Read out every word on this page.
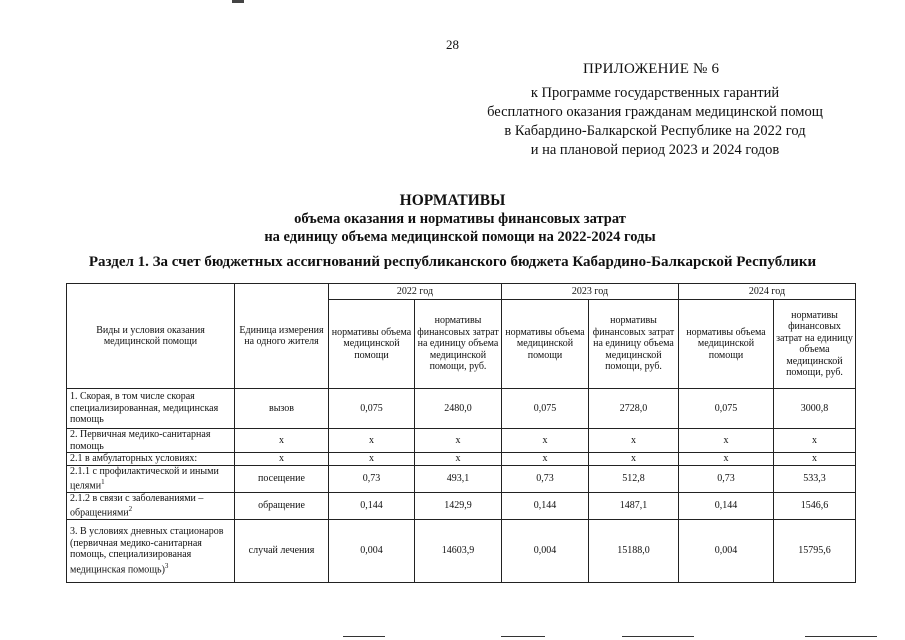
28
ПРИЛОЖЕНИЕ № 6
к Программе государственных гарантий
бесплатного оказания гражданам медицинской помощ
в Кабардино-Балкарской Республике на 2022 год
и на плановой период 2023 и 2024 годов
НОРМАТИВЫ
объема оказания и нормативы финансовых затрат
на единицу объема медицинской помощи на 2022-2024 годы
Раздел 1. За счет бюджетных ассигнований республиканского бюджета Кабардино-Балкарской Республики
Виды и условия оказания медицинской помощи	Единица измерения на одного жителя	2022 год		2023 год		2024 год	
		нормативы объема медицинской помощи	нормативы финансовых затрат на единицу объема медицинской помощи, руб.	нормативы объема медицинской помощи	нормативы финансовых затрат на единицу объема медицинской помощи, руб.	нормативы объема медицинской помощи	нормативы финансовых затрат на единицу объема медицинской помощи, руб.
1. Скорая, в том числе скорая специализированная, медицинская помощь	вызов	0,075	2480,0	0,075	2728,0	0,075	3000,8
2. Первичная медико-санитарная помощь	х	х	х	х	х	х	х
2.1 в амбулаторных условиях:	х	х	х	х	х	х	х
2.1.1 с профилактической и иными целями$^1$	посещение	0,73	493,1	0,73	512,8	0,73	533,3
2.1.2 в связи с заболеваниями – обращениями$^2$	обращение	0,144	1429,9	0,144	1487,1	0,144	1546,6
3. В условиях дневных стационаров (первичная медико-санитарная помощь, специализированая медицинская помощь)$^3$	случай лечения	0,004	14603,9	0,004	15188,0	0,004	15795,6
